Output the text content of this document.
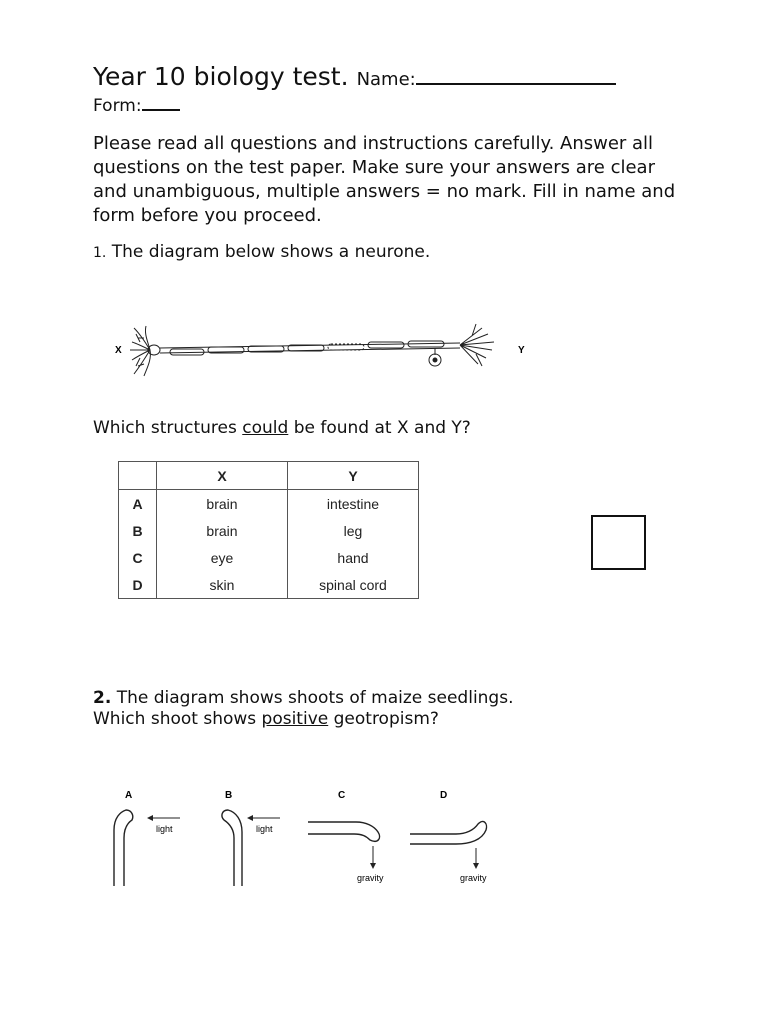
Year 10 biology test. Name:
Form:
Please read all questions and instructions carefully. Answer all questions on the test paper. Make sure your answers are clear and unambiguous, multiple answers = no mark. Fill in name and form before you proceed.
1. The diagram below shows a neurone.
X	Y
Which structures could be found at X and Y?
	X	Y
A	brain	intestine
B	brain	leg
C	eye	hand
D	skin	spinal cord
2. The diagram shows shoots of maize seedlings.
Which shoot shows positive geotropism?
A
light
B
light
C
gravity
D
gravity
